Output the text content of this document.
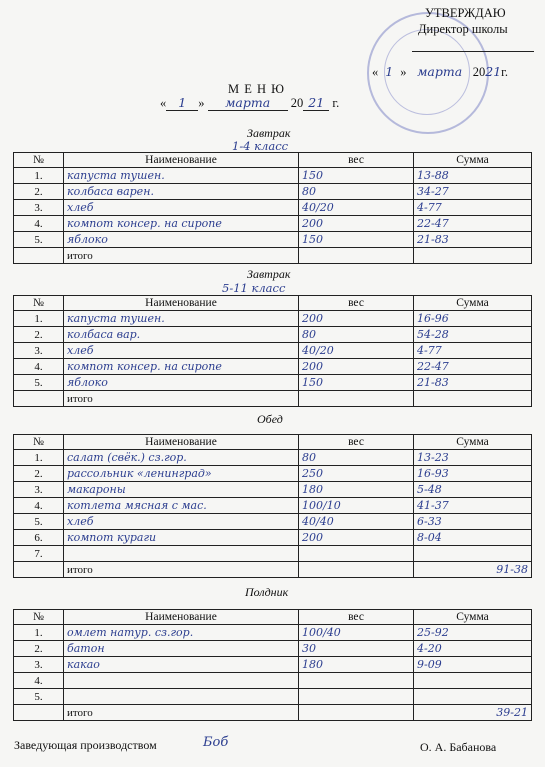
УТВЕРЖДАЮ
Директор школы
« 1 » марта 2021г.
М Е Н Ю
« 1 » марта 20 21 г.
Завтрак
1-4 класс
№	Наименование	вес	Сумма
1.	капуста тушен.	150	13-88
2.	колбаса варен.	80	34-27
3.	хлеб	40/20	4-77
4.	компот консер. на сиропе	200	22-47
5.	яблоко	150	21-83
	итого		
Завтрак
5-11 класс
№	Наименование	вес	Сумма
1.	капуста тушен.	200	16-96
2.	колбаса вар.	80	54-28
3.	хлеб	40/20	4-77
4.	компот консер. на сиропе	200	22-47
5.	яблоко	150	21-83
	итого		
Обед
№	Наименование	вес	Сумма
1.	салат (свёк.) сз.гор.	80	13-23
2.	рассольник «ленинград»	250	16-93
3.	макароны	180	5-48
4.	котлета мясная с маc.	100/10	41-37
5.	хлеб	40/40	6-33
6.	компот кураги	200	8-04
7.			
	итого		91-38
Полдник
№	Наименование	вес	Сумма
1.	омлет натур. сз.гор.	100/40	25-92
2.	батон	30	4-20
3.	какао	180	9-09
4.			
5.			
	итого		39-21
Заведующая производством	Боб	О. А. Бабанова
